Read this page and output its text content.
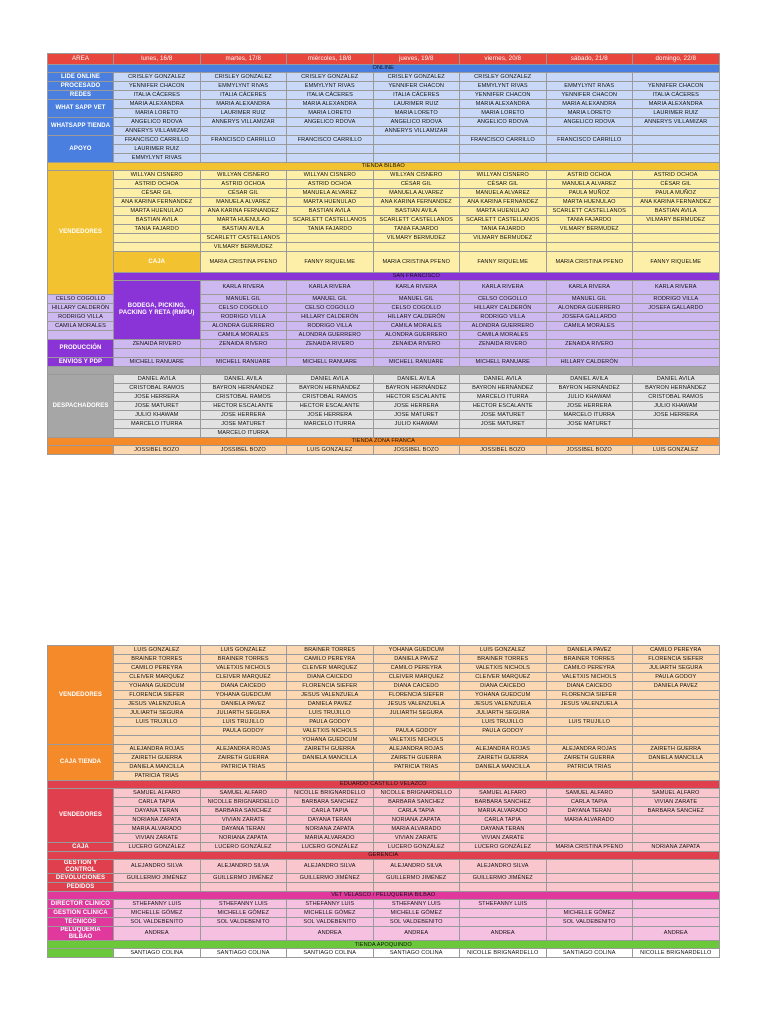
AREA	lunes, 16/8	martes, 17/8	miércoles, 18/8	jueves, 19/8	viernes, 20/8	sábado, 21/8	domingo, 22/8	
ONLINE								
LIDE ONLINE	CRISLEY GONZALEZ	CRISLEY GONZALEZ	CRISLEY GONZALEZ	CRISLEY GONZALEZ	CRISLEY GONZALEZ			
PROCESADO	YENNIFER CHACON	EMMYLYNT RIVAS	EMMYLYNT RIVAS	YENNIFER CHACON	EMMYLYNT RIVAS	EMMYLYNT RIVAS	YENNIFER CHACON	
REDES	ITALIA CÁCERES	ITALIA CÁCERES	ITALIA CÁCERES	ITALIA CÁCERES	YENNIFER CHACON	YENNIFER CHACON	ITALIA CÁCERES	
WHAT SAPP VET	MARIA ALEXANDRA	MARIA ALEXANDRA	MARIA ALEXANDRA	LAURIMER RUIZ	MARIA ALEXANDRA	MARIA ALEXANDRA	MARIA ALEXANDRA	
	MARIA LORETO	LAURIMER RUIZ	MARIA LORETO	MARIA LORETO	MARIA LORETO	MARIA LORETO	LAURIMER RUIZ	
WHATSAPP TIENDA	ANGELICO RDOVA	ANNERYS VILLAMIZAR	ANGELICO RDOVA	ANGELICO RDOVA	ANGELICO RDOVA	ANGELICO RDOVA	ANNERYS VILLAMIZAR	
	ANNERYS VILLAMIZAR			ANNERYS VILLAMIZAR				
APOYO	FRANCISCO CARRILLO	FRANCISCO CARRILLO	FRANCISCO CARRILLO		FRANCISCO CARRILLO	FRANCISCO CARRILLO		
	LAURIMER RUIZ							
	EMMYLYNT RIVAS							
TIENDA BILBAO								
VENDEDORES	WILLYAN CISNERO	WILLYAN CISNERO	WILLYAN CISNERO	WILLYAN CISNERO	WILLYAN CISNERO	ASTRID OCHOA	ASTRID OCHOA	
	ASTRID OCHOA	ASTRID OCHOA	ASTRID OCHOA	CÉSAR GIL	CÉSAR GIL	MANUELA ALVAREZ	CÉSAR GIL	
	CÉSAR GIL	CÉSAR GIL	MANUELA ALVAREZ	MANUELA ALVAREZ	MANUELA ALVAREZ	PAULA MUÑOZ	PAULA MUÑOZ	
	ANA KARINA FERNANDEZ	MANUELA ALVAREZ	MARTA HUENULAO	ANA KARINA FERNANDEZ	ANA KARINA FERNANDEZ	MARTA HUENULAO	ANA KARINA FERNANDEZ	
	MARTA HUENULAO	ANA KARINA FERNANDEZ	BASTIAN AVILA	BASTIAN AVILA	MARTA HUENULAO	SCARLETT CASTELLANOS	BASTIAN AVILA	
	BASTIAN AVILA	MARTA HUENULAO	SCARLETT CASTELLANOS	SCARLETT CASTELLANOS	SCARLETT CASTELLANOS	TANIA FAJARDO	VILMARY BERMUDEZ	
	TANIA FAJARDO	BASTIAN AVILA	TANIA FAJARDO	TANIA FAJARDO	TANIA FAJARDO	VILMARY BERMUDEZ		
		SCARLETT CASTELLANOS		VILMARY BERMUDEZ	VILMARY BERMUDEZ			
		VILMARY BERMUDEZ						
	CAJA	MARIA CRISTINA PFENO	FANNY RIQUELME	MARIA CRISTINA PFENO	FANNY RIQUELME	MARIA CRISTINA PFENO	FANNY RIQUELME	
	SAN FRANCISCO							
	BODEGA, PICKING, PACKING Y RETA (RMPU)	KARLA RIVERA	KARLA RIVERA	KARLA RIVERA	KARLA RIVERA	KARLA RIVERA	KARLA RIVERA	
CELSO COGOLLO		MANUEL GIL	MANUEL GIL	MANUEL GIL	CELSO COGOLLO	MANUEL GIL	RODRIGO VILLA	
HILLARY CALDERÓN		CELSO COGOLLO	CELSO COGOLLO	CELSO COGOLLO	HILLARY CALDERÓN	ALONDRA GUERRERO	JOSEFA GALLARDO	
RODRIGO VILLA		RODRIGO VILLA	HILLARY CALDERÓN	HILLARY CALDERÓN	RODRIGO VILLA	JOSEFA GALLARDO		
CAMILA MORALES		ALONDRA GUERRERO	RODRIGO VILLA	CAMILA MORALES	ALONDRA GUERRERO	CAMILA MORALES		
		CAMILA MORALES	ALONDRA GUERRERO	ALONDRA GUERRERO	CAMILA MORALES			
PRODUCCIÓN	ZENAIDA RIVERO	ZENAIDA RIVERO	ZENAIDA RIVERO	ZENAIDA RIVERO	ZENAIDA RIVERO	ZENAIDA RIVERO		

ENVÍOS Y PDP	MICHELL RANUARE	MICHELL RANUARE	MICHELL RANUARE	MICHELL RANUARE	MICHELL RANUARE	HILLARY CALDERÓN		

DESPACHADORES	DANIEL AVILA	DANIEL AVILA	DANIEL AVILA	DANIEL AVILA	DANIEL AVILA	DANIEL AVILA	DANIEL AVILA	
	CRISTOBAL RAMOS	BAYRON HERNÁNDEZ	BAYRON HERNÁNDEZ	BAYRON HERNÁNDEZ	BAYRON HERNÁNDEZ	BAYRON HERNÁNDEZ	BAYRON HERNÁNDEZ	
	JOSE HERRERA	CRISTOBAL RAMOS	CRISTOBAL RAMOS	HECTOR ESCALANTE	MARCELO ITURRA	JULIO KHAWAM	CRISTOBAL RAMOS	
	JOSE MATURET	HECTOR ESCALANTE	HECTOR ESCALANTE	JOSE HERRERA	HECTOR ESCALANTE	JOSE HERRERA	JULIO KHAWAM	
	JULIO KHAWAM	JOSE HERRERA	JOSE HERRERA	JOSE MATURET	JOSE MATURET	MARCELO ITURRA	JOSE HERRERA	
	MARCELO ITURRA	JOSE MATURET	MARCELO ITURRA	JULIO KHAWAM	JOSE MATURET	JOSE MATURET		
		MARCELO ITURRA						
TIENDA ZONA FRANCA								
	JOSSIBEL BOZO	JOSSIBEL BOZO	LUIS GONZALEZ	JOSSIBEL BOZO	JOSSIBEL BOZO	JOSSIBEL BOZO	LUIS GONZALEZ	
VENDEDORES	LUIS GONZALEZ	LUIS GONZALEZ	BRAINER TORRES	YOHANA GUEDCUM	LUIS GONZALEZ	DANIELA PAVEZ	CAMILO PEREYRA
	BRAINER TORRES	BRAINER TORRES	CAMILO PEREYRA	DANIELA PAVEZ	BRAINER TORRES	BRAINER TORRES	FLORENCIA SIEFER
	CAMILO PEREYRA	VALETXIS NICHOLS	CLEIVER MARQUEZ	CAMILO PEREYRA	VALETXIS NICHOLS	CAMILO PEREYRA	JULIARTH SEGURA
	CLEIVER MARQUEZ	CLEIVER MARQUEZ	DIANA CAICEDO	CLEIVER MARQUEZ	CLEIVER MARQUEZ	VALETXIS NICHOLS	PAULA GODOY
	YOHANA GUEDCUM	DIANA CAICEDO	FLORENCIA SIEFER	DIANA CAICEDO	DIANA CAICEDO	DIANA CAICEDO	DANIELA PAVEZ
	FLORENCIA SIEFER	YOHANA GUEDCUM	JESUS VALENZUELA	FLORENCIA SIEFER	YOHANA GUEDCUM	FLORENCIA SIEFER	
	JESUS VALENZUELA	DANIELA PAVEZ	DANIELA PAVEZ	JESUS VALENZUELA	JESUS VALENZUELA	JESUS VALENZUELA	
	JULIARTH SEGURA	JULIARTH SEGURA	LUIS TRUJILLO	JULIARTH SEGURA	JULIARTH SEGURA		
	LUIS TRUJILLO	LUIS TRUJILLO	PAULA GODOY		LUIS TRUJILLO	LUIS TRUJILLO	
		PAULA GODOY	VALETXIS NICHOLS	PAULA GODOY	PAULA GODOY		
			YOHANA GUEDCUM	VALETXIS NICHOLS			
CAJA TIENDA	ALEJANDRA ROJAS	ALEJANDRA ROJAS	ZAIRETH GUERRA	ALEJANDRA ROJAS	ALEJANDRA ROJAS	ALEJANDRA ROJAS	ZAIRETH GUERRA
	ZAIRETH GUERRA	ZAIRETH GUERRA	DANIELA MANCILLA	ZAIRETH GUERRA	ZAIRETH GUERRA	ZAIRETH GUERRA	DANIELA MANCILLA
	DANIELA MANCILLA	PATRICIA TRIAS		PATRICIA TRIAS	DANIELA MANCILLA	PATRICIA TRIAS	
	PATRICIA TRIAS						
EDUARDO CASTILLO VELAZCO							
VENDEDORES	SAMUEL ALFARO	SAMUEL ALFARO	NICOLLE BRIGNARDELLO	NICOLLE BRIGNARDELLO	SAMUEL ALFARO	SAMUEL ALFARO	SAMUEL ALFARO
	CARLA TAPIA	NICOLLE BRIGNARDELLO	BARBARA SANCHEZ	BARBARA SANCHEZ	BARBARA SANCHEZ	CARLA TAPIA	VIVIAN ZARATE
	DAYANA TERAN	BARBARA SANCHEZ	CARLA TAPIA	CARLA TAPIA	MARIA ALVARADO	DAYANA TERAN	BARBARA SANCHEZ
	NORIANA ZAPATA	VIVIAN ZARATE	DAYANA TERAN	NORIANA ZAPATA	CARLA TAPIA	MARIA ALVARADO	
	MARIA ALVARADO	DAYANA TERAN	NORIANA ZAPATA	MARIA ALVARADO	DAYANA TERAN		
	VIVIAN ZARATE	NORIANA ZAPATA	MARIA ALVARADO	VIVIAN ZARATE	VIVIAN ZARATE		
CAJA	LUCERO GONZÁLEZ	LUCERO GONZÁLEZ	LUCERO GONZÁLEZ	LUCERO GONZÁLEZ	LUCERO GONZÁLEZ	MARIA CRISTINA PFENO	NORIANA ZAPATA
GERENCIA							
GESTIÓN Y CONTROL	ALEJANDRO SILVA	ALEJANDRO SILVA	ALEJANDRO SILVA	ALEJANDRO SILVA	ALEJANDRO SILVA		
DEVOLUCIONES	GUILLERMO JIMÉNEZ	GUILLERMO JIMÉNEZ	GUILLERMO JIMÉNEZ	GUILLERMO JIMÉNEZ	GUILLERMO JIMÉNEZ		
PEDIDOS							
VET VELASCO / PELUQUERIA BILBAO							
DIRECTOR CLÍNICO	STHEFANNY LUIS	STHEFANNY LUIS	STHEFANNY LUIS	STHEFANNY LUIS	STHEFANNY LUIS		
GESTIÓN CLÍNICA	MICHELLE GÓMEZ	MICHELLE GÓMEZ	MICHELLE GÓMEZ	MICHELLE GÓMEZ		MICHELLE GÓMEZ	
TÉCNICOS	SOL VALDEBENITO	SOL VALDEBENITO	SOL VALDEBENITO	SOL VALDEBENITO		SOL VALDEBENITO	
PELUQUERÍA BILBAO	ANDREA		ANDREA	ANDREA	ANDREA		ANDREA
TIENDA APOQUINDO							
	SANTIAGO COLINA	SANTIAGO COLINA	SANTIAGO COLINA	SANTIAGO COLINA	NICOLLE BRIGNARDELLO	SANTIAGO COLINA	NICOLLE BRIGNARDELLO
